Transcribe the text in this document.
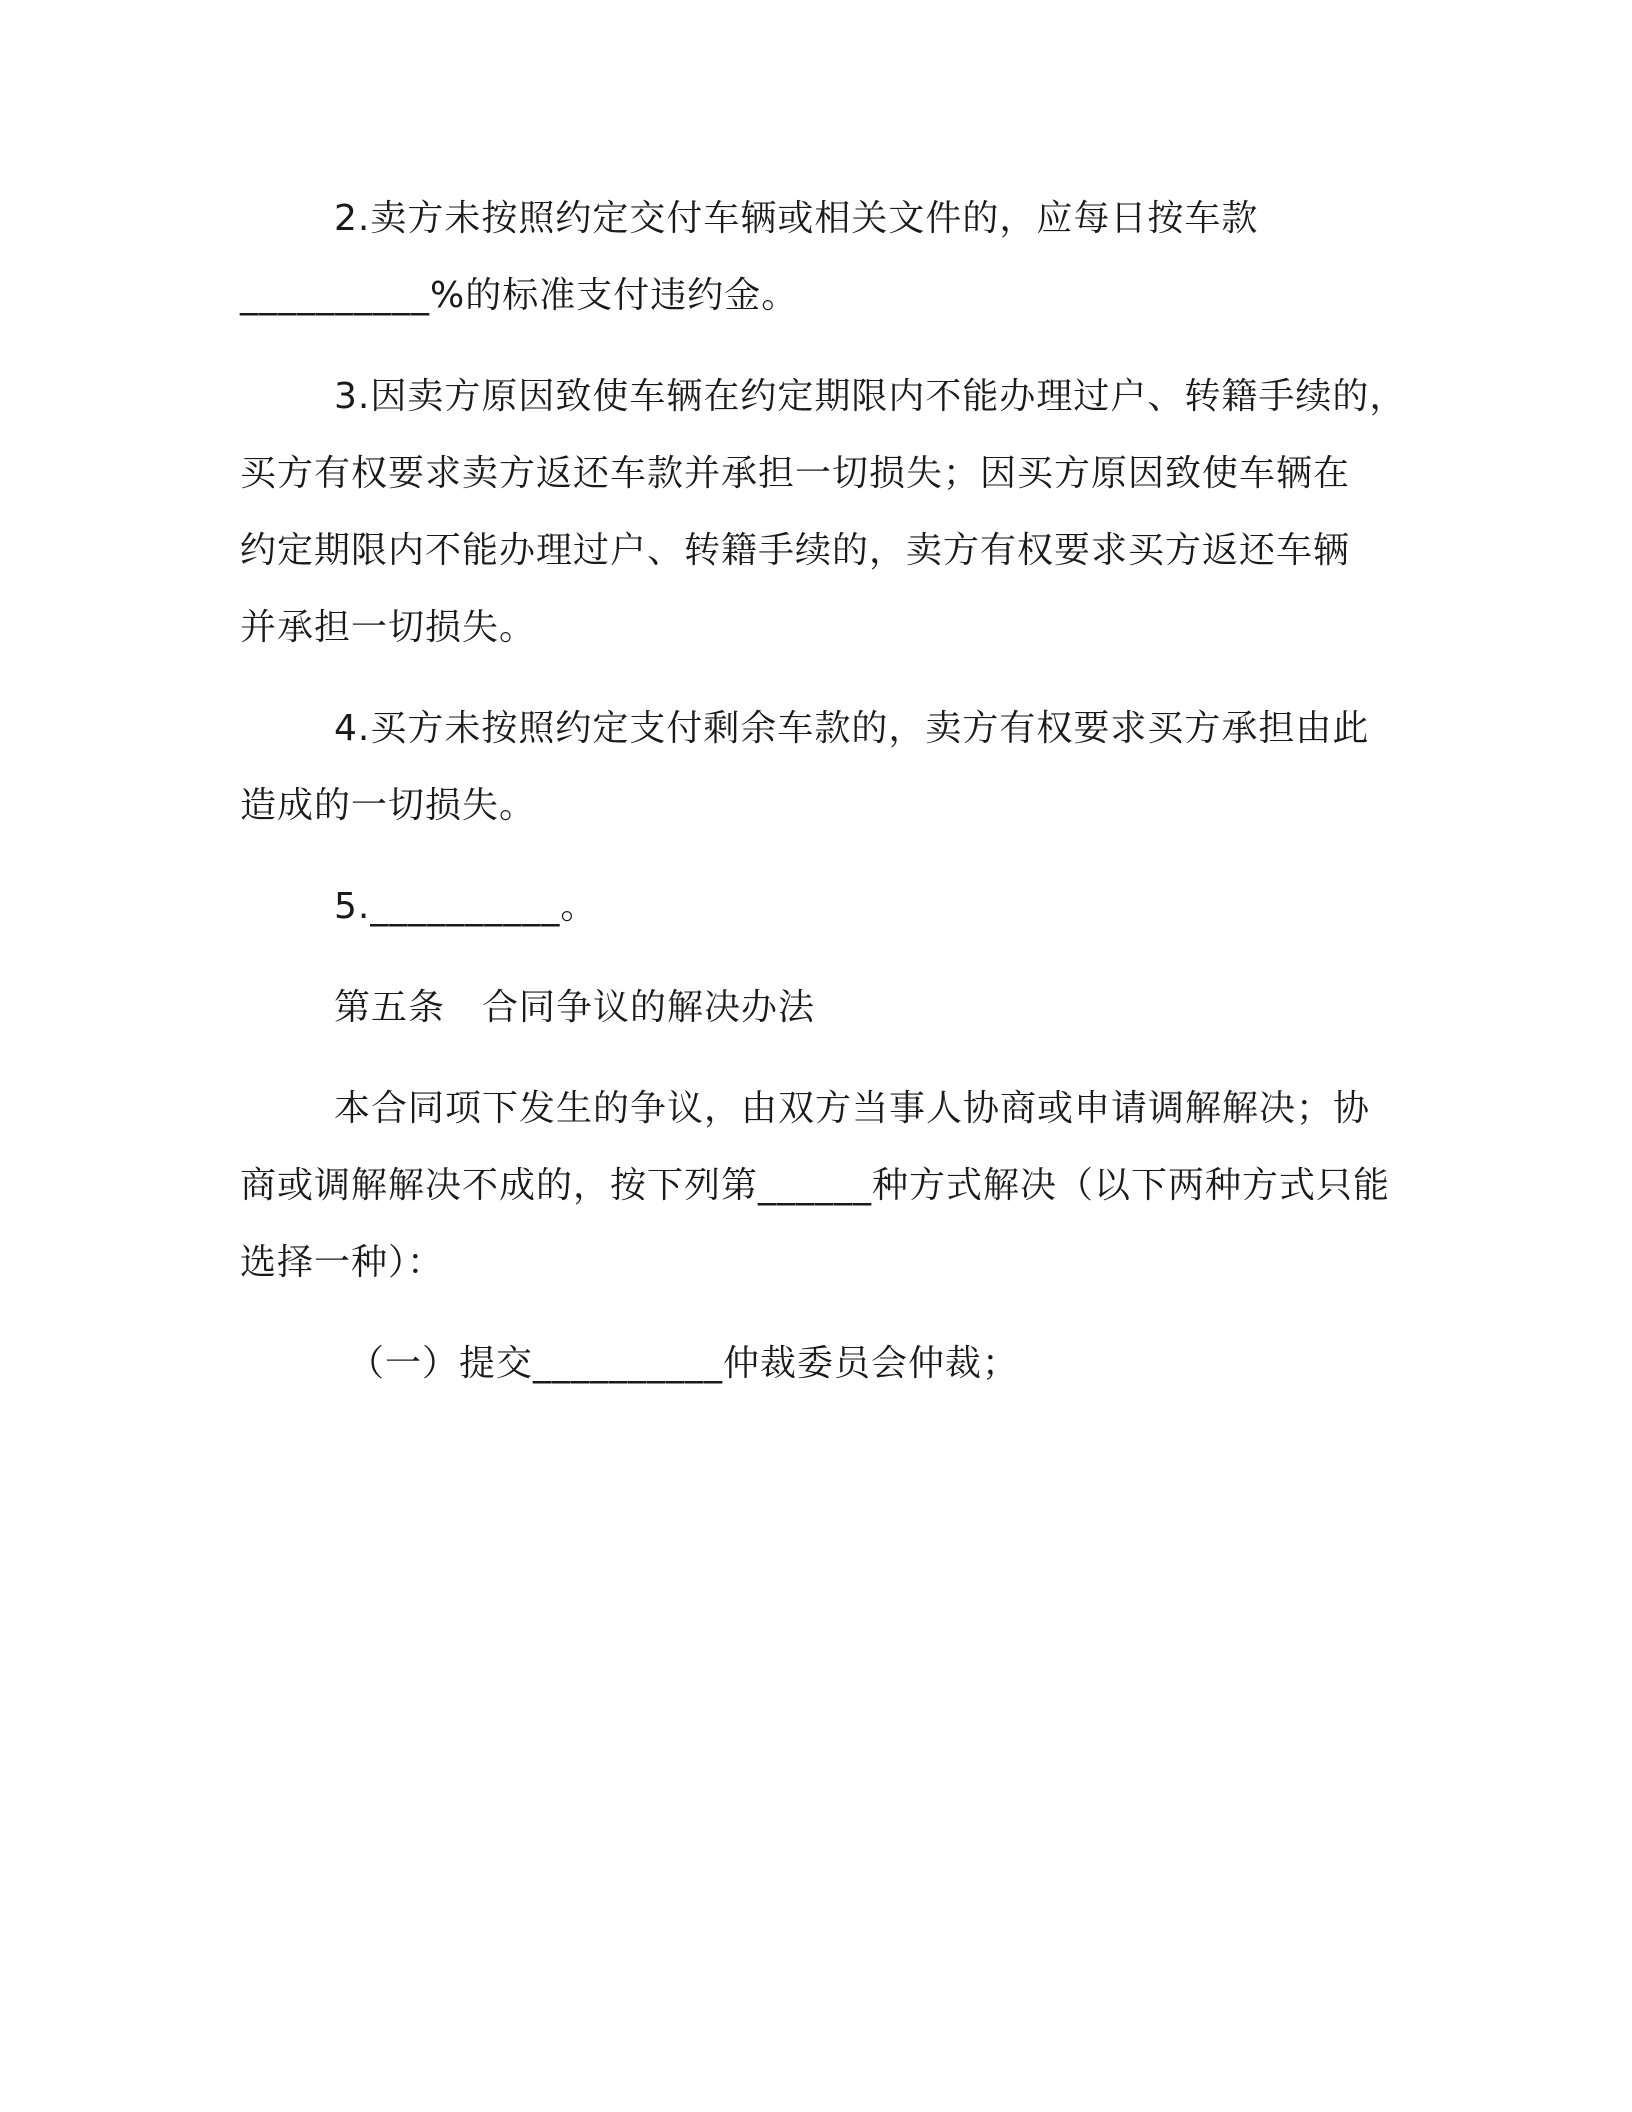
2.卖方未按照约定交付车辆或相关文件的，应每日按车款
__________%的标准支付违约金。
3.因卖方原因致使车辆在约定期限内不能办理过户、转籍手续的，
买方有权要求卖方返还车款并承担一切损失；因买方原因致使车辆在
约定期限内不能办理过户、转籍手续的，卖方有权要求买方返还车辆
并承担一切损失。
4.买方未按照约定支付剩余车款的，卖方有权要求买方承担由此
造成的一切损失。
5.__________。
第五条　合同争议的解决办法
本合同项下发生的争议，由双方当事人协商或申请调解解决；协
商或调解解决不成的，按下列第______种方式解决（以下两种方式只能
选择一种）：
（一）提交__________仲裁委员会仲裁；
